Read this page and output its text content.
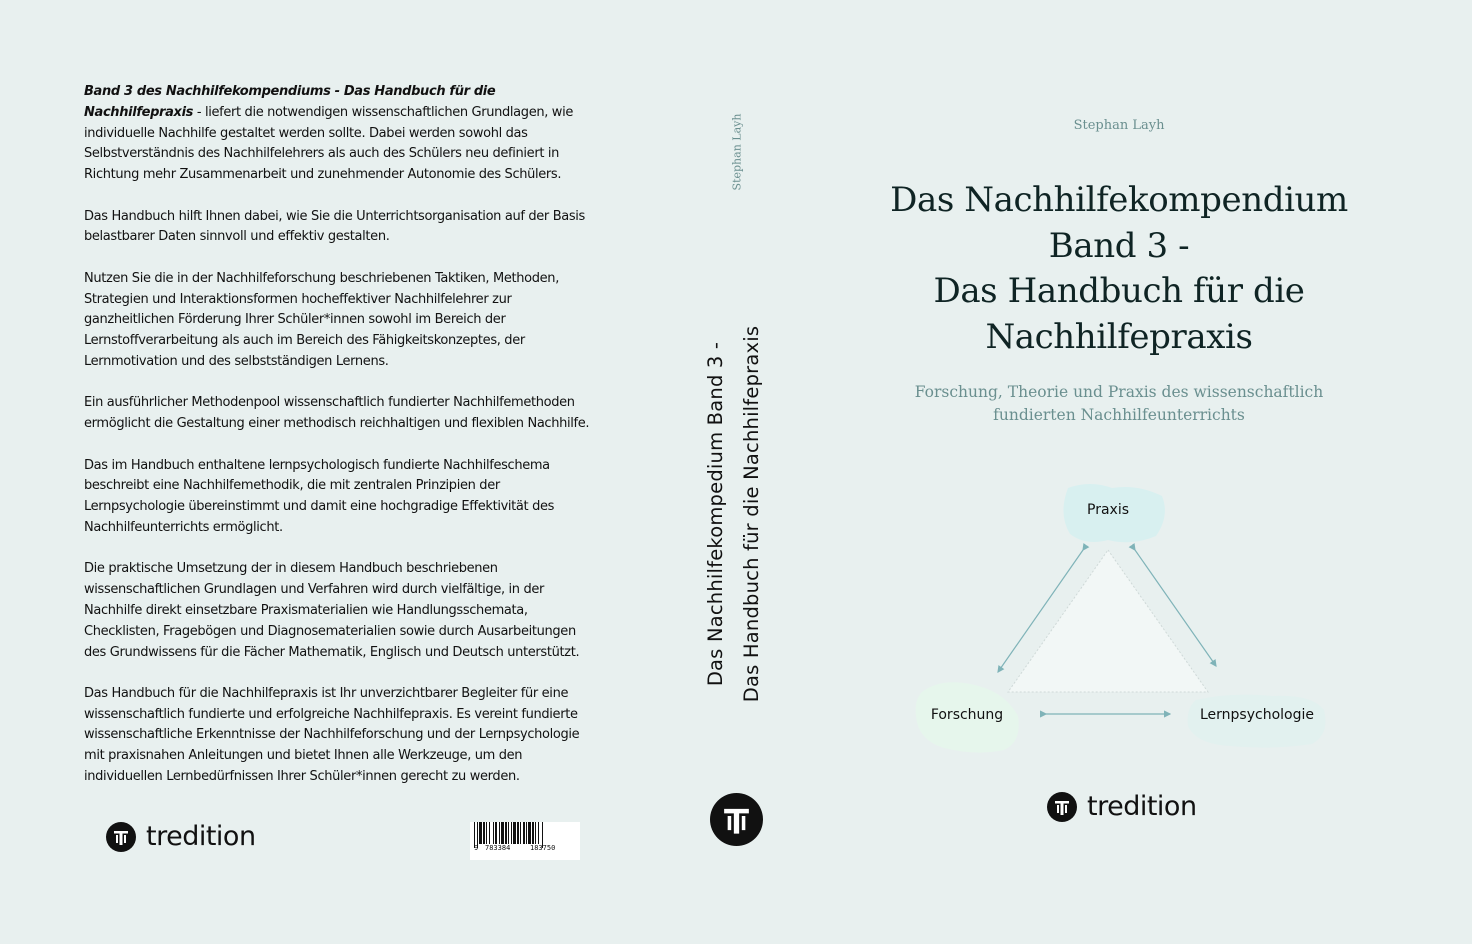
Band 3 des Nachhilfekompendiums - Das Handbuch für die Nachhilfepraxis - liefert die notwendigen wissenschaftlichen Grundlagen, wie individuelle Nachhilfe gestaltet werden sollte. Dabei werden sowohl das Selbstverständnis des Nachhilfelehrers als auch des Schülers neu definiert in Richtung mehr Zusammenarbeit und zunehmender Autonomie des Schülers.

Das Handbuch hilft Ihnen dabei, wie Sie die Unterrichtsorganisation auf der Basis belastbarer Daten sinnvoll und effektiv gestalten.

Nutzen Sie die in der Nachhilfeforschung beschriebenen Taktiken, Methoden, Strategien und Interaktionsformen hocheffektiver Nachhilfelehrer zur ganzheitlichen Förderung Ihrer Schüler*innen sowohl im Bereich der Lernstoffverarbeitung als auch im Bereich des Fähigkeitskonzeptes, der Lernmotivation und des selbstständigen Lernens.

Ein ausführlicher Methodenpool wissenschaftlich fundierter Nachhilfemethoden ermöglicht die Gestaltung einer methodisch reichhaltigen und flexiblen Nachhilfe.

Das im Handbuch enthaltene lernpsychologisch fundierte Nachhilfeschema beschreibt eine Nachhilfemethodik, die mit zentralen Prinzipien der Lernpsychologie übereinstimmt und damit eine hochgradige Effektivität des Nachhilfeunterrichts ermöglicht.

Die praktische Umsetzung der in diesem Handbuch beschriebenen wissenschaftlichen Grundlagen und Verfahren wird durch vielfältige, in der Nachhilfe direkt einsetzbare Praxismaterialien wie Handlungsschemata, Checklisten, Fragebögen und Diagnosematerialien sowie durch Ausarbeitungen des Grundwissens für die Fächer Mathematik, Englisch und Deutsch unterstützt.

Das Handbuch für die Nachhilfepraxis ist Ihr unverzichtbarer Begleiter für eine wissenschaftlich fundierte und erfolgreiche Nachhilfepraxis. Es vereint fundierte wissenschaftliche Erkenntnisse der Nachhilfeforschung und der Lernpsychologie mit praxisnahen Anleitungen und bietet Ihnen alle Werkzeuge, um den individuellen Lernbedürfnissen Ihrer Schüler*innen gerecht zu werden.

tredition	9 783384	183750
Stephan Layh
Das Nachhilfekompedium Band 3 - Das Handbuch für die Nachhilfepraxis
Stephan Layh
Das Nachhilfekompendium
Band 3 -
Das Handbuch für die
Nachhilfepraxis
Forschung, Theorie und Praxis des wissenschaftlich
fundierten Nachhilfeunterrichts
Praxis
Forschung	Lernpsychologie
tredition
